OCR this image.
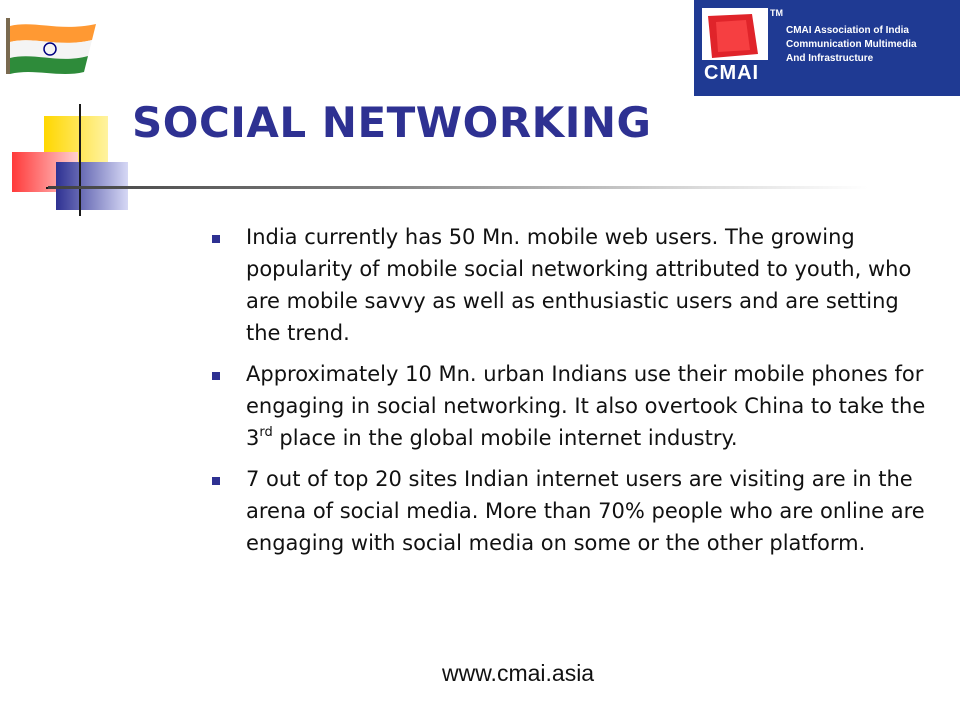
CMAI
TM
CMAI Association of India
Communication Multimedia
And Infrastructure
SOCIAL NETWORKING
India currently has 50 Mn. mobile web users. The growing popularity of mobile social networking attributed to youth, who are mobile savvy as well as enthusiastic users and are setting the trend.
Approximately 10 Mn. urban Indians use their mobile phones for engaging in social networking. It also overtook China to take the 3rd place in the global mobile internet industry.
7 out of top 20 sites Indian internet users are visiting are in the arena of social media. More than 70% people who are online are engaging with social media on some or the other platform.
www.cmai.asia
